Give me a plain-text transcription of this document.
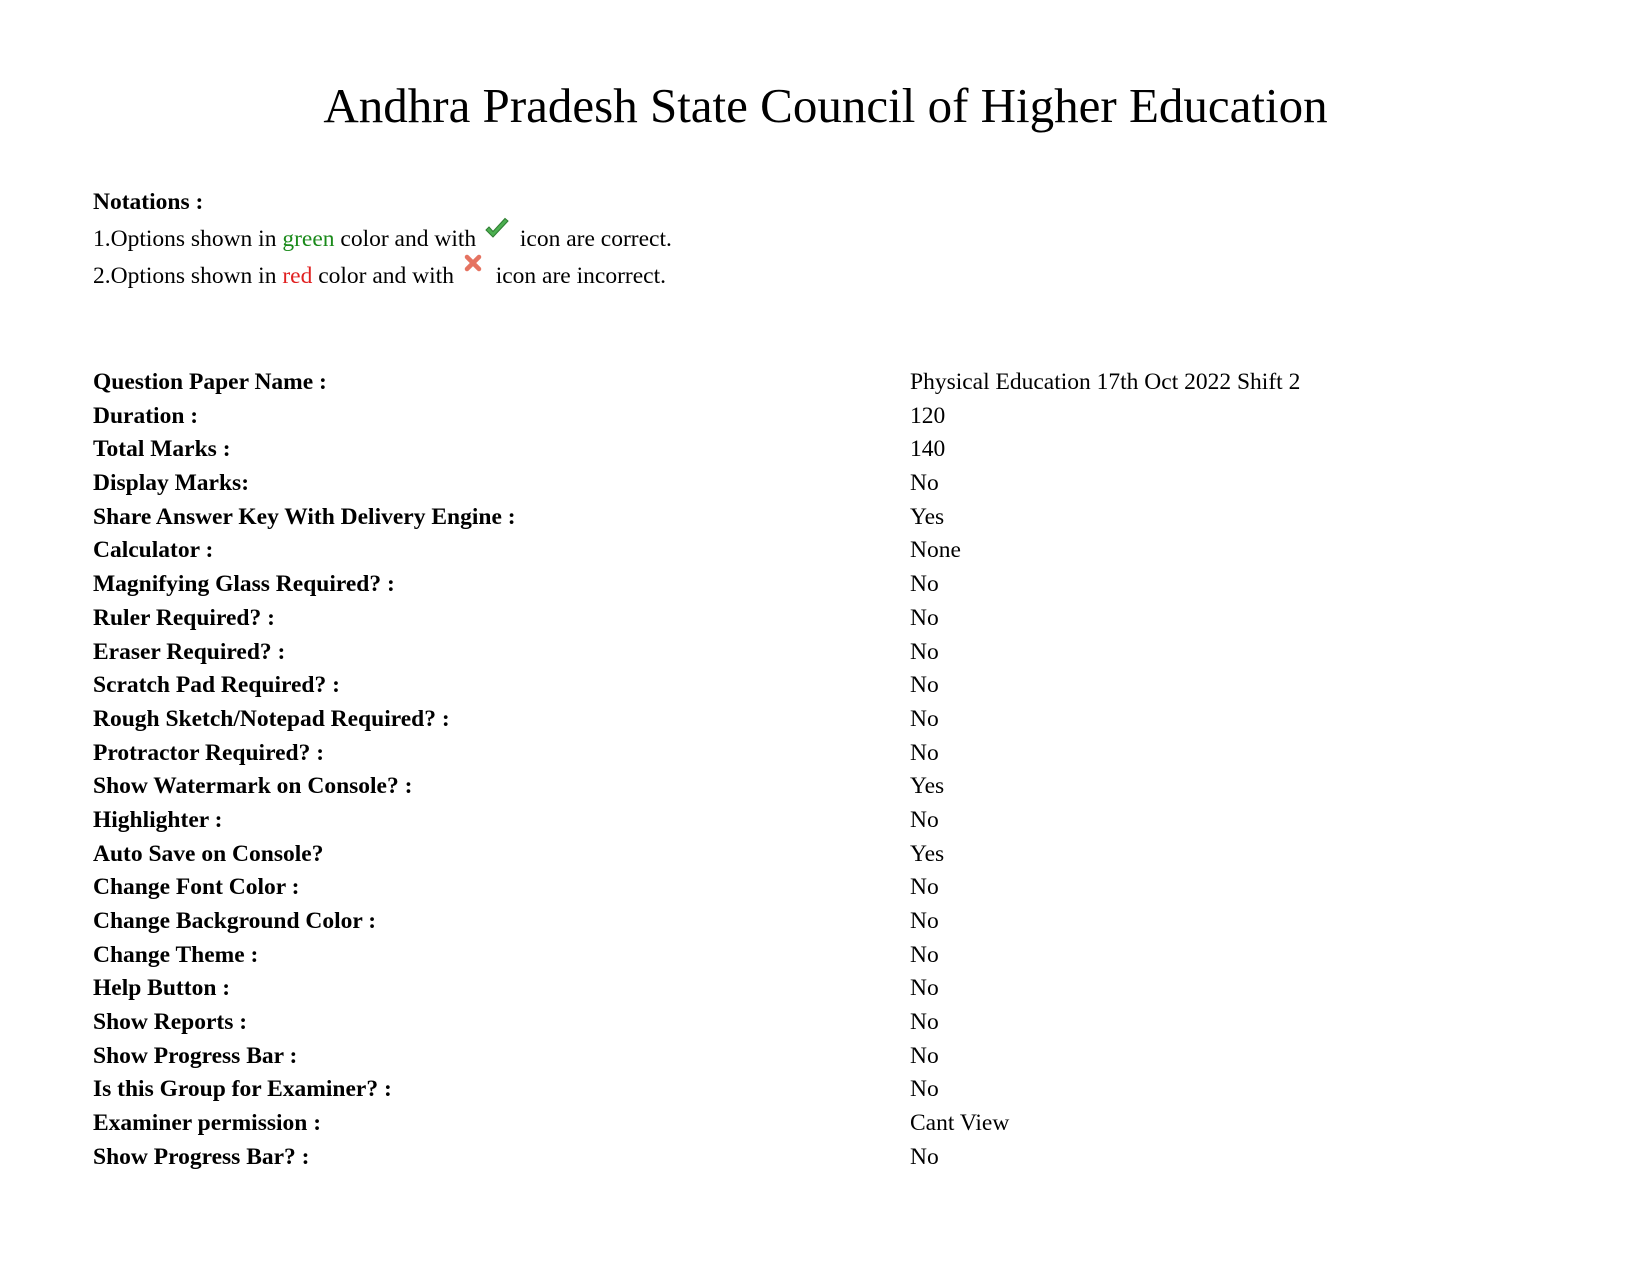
Andhra Pradesh State Council of Higher Education
Notations :
1.Options shown in green color and with
icon are correct.
2.Options shown in red color and with
icon are incorrect.
Question Paper Name :	Physical Education 17th Oct 2022 Shift 2
Duration :	120
Total Marks :	140
Display Marks:	No
Share Answer Key With Delivery Engine :	Yes
Calculator :	None
Magnifying Glass Required? :	No
Ruler Required? :	No
Eraser Required? :	No
Scratch Pad Required? :	No
Rough Sketch/Notepad Required? :	No
Protractor Required? :	No
Show Watermark on Console? :	Yes
Highlighter :	No
Auto Save on Console?	Yes
Change Font Color :	No
Change Background Color :	No
Change Theme :	No
Help Button :	No
Show Reports :	No
Show Progress Bar :	No
Is this Group for Examiner? :	No
Examiner permission :	Cant View
Show Progress Bar? :	No
